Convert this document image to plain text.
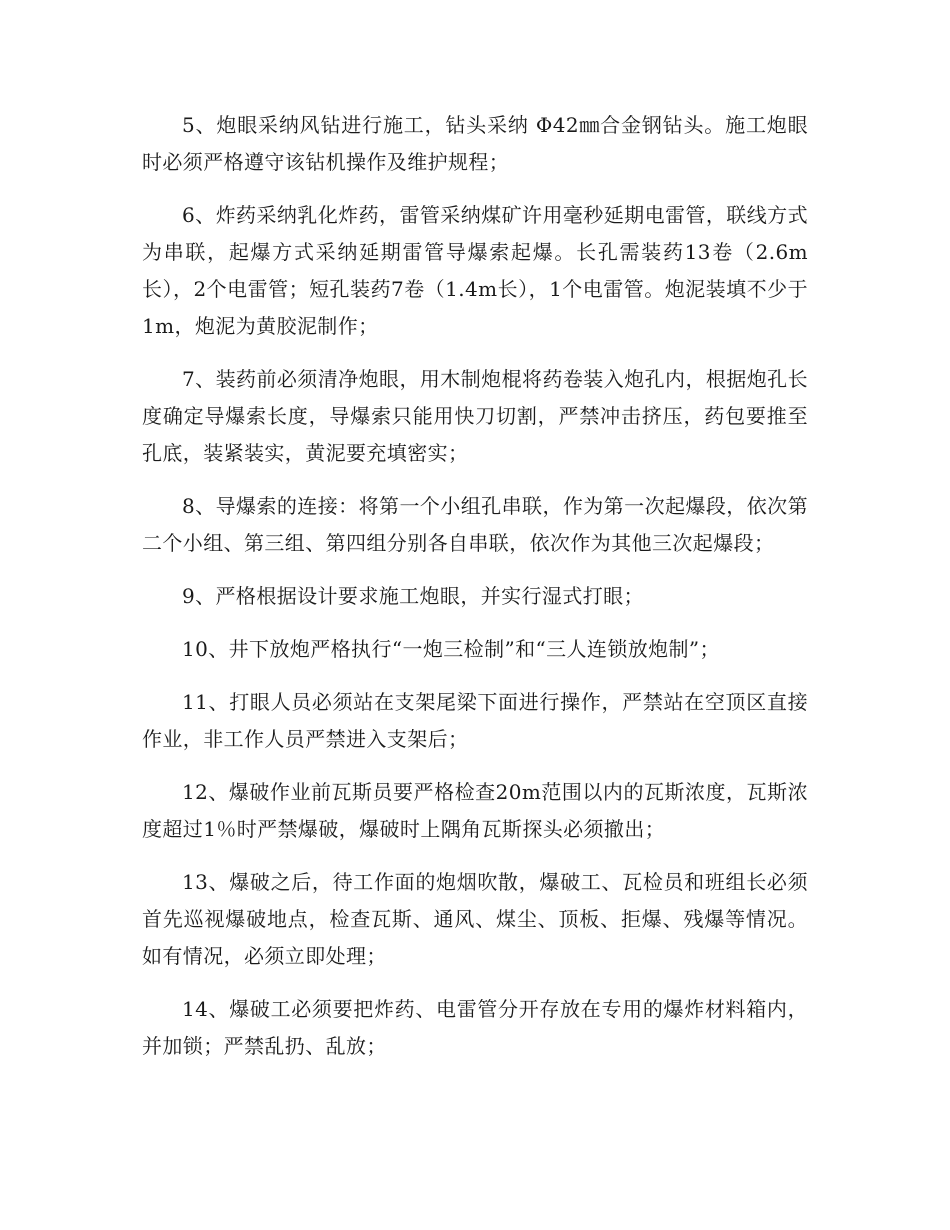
5、炮眼采纳风钻进行施工，钻头采纳 Φ42㎜合金钢钻头。施工炮眼时必须严格遵守该钻机操作及维护规程；

6、炸药采纳乳化炸药，雷管采纳煤矿许用毫秒延期电雷管，联线方式为串联，起爆方式采纳延期雷管导爆索起爆。长孔需装药13卷（2.6m长），2个电雷管；短孔装药7卷（1.4m长），1个电雷管。炮泥装填不少于1m，炮泥为黄胶泥制作；

7、装药前必须清净炮眼，用木制炮棍将药卷装入炮孔内，根据炮孔长度确定导爆索长度，导爆索只能用快刀切割，严禁冲击挤压，药包要推至孔底，装紧装实，黄泥要充填密实；

8、导爆索的连接：将第一个小组孔串联，作为第一次起爆段，依次第二个小组、第三组、第四组分别各自串联，依次作为其他三次起爆段；

9、严格根据设计要求施工炮眼，并实行湿式打眼；

10、井下放炮严格执行“一炮三检制”和“三人连锁放炮制”；

11、打眼人员必须站在支架尾梁下面进行操作，严禁站在空顶区直接作业，非工作人员严禁进入支架后；

12、爆破作业前瓦斯员要严格检查20m范围以内的瓦斯浓度，瓦斯浓度超过1％时严禁爆破，爆破时上隅角瓦斯探头必须撤出；

13、爆破之后，待工作面的炮烟吹散，爆破工、瓦检员和班组长必须首先巡视爆破地点，检查瓦斯、通风、煤尘、顶板、拒爆、残爆等情况。如有情况，必须立即处理；

14、爆破工必须要把炸药、电雷管分开存放在专用的爆炸材料箱内，并加锁；严禁乱扔、乱放；
